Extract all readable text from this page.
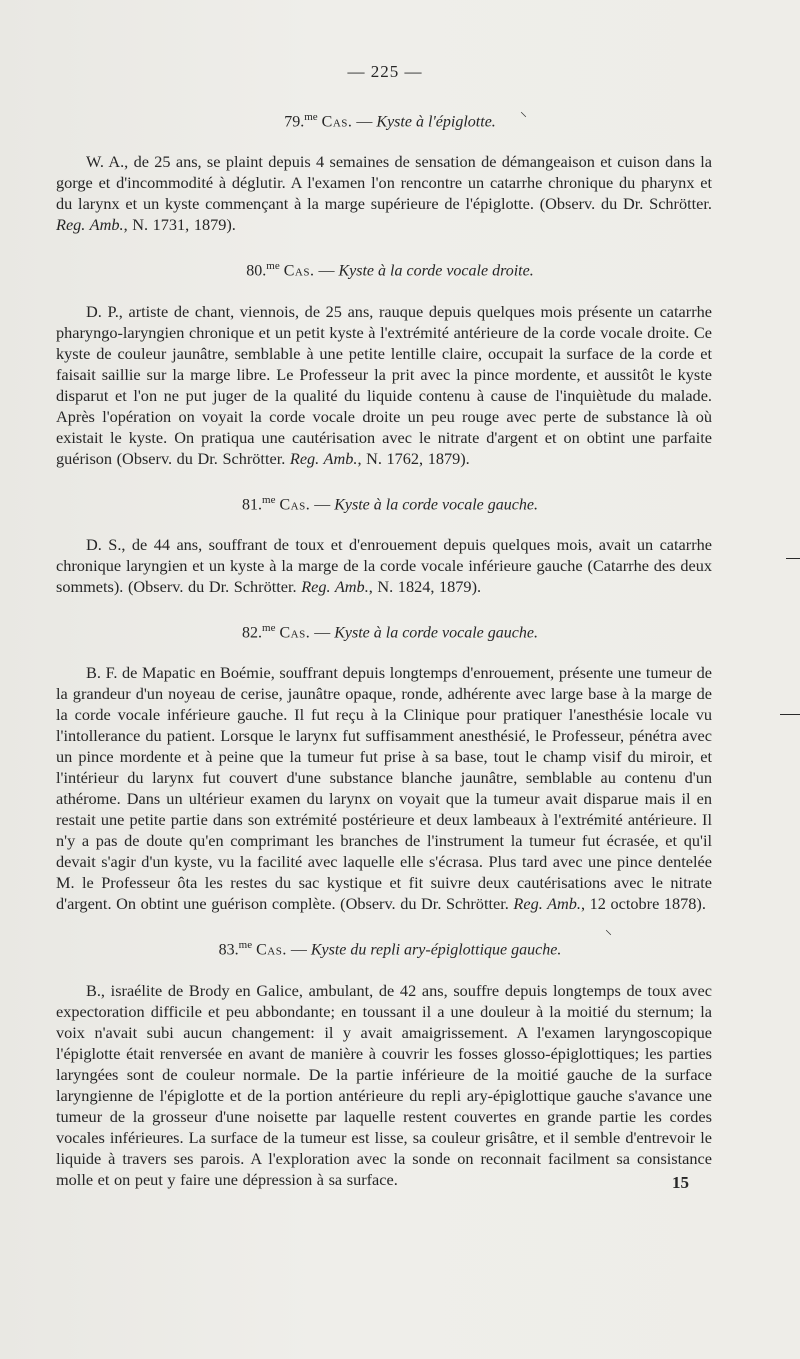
— 225 —

79.$^{me}$ Cas. — Kyste à l'épiglotte.

W. A., de 25 ans, se plaint depuis 4 semaines de sensation de démangeaison et cuison dans la gorge et d'incommodité à déglutir. A l'examen l'on rencontre un catarrhe chronique du pharynx et du larynx et un kyste commençant à la marge supérieure de l'épiglotte. (Observ. du Dr. Schrötter. Reg. Amb., N. 1731, 1879).

80.$^{me}$ Cas. — Kyste à la corde vocale droite.

D. P., artiste de chant, viennois, de 25 ans, rauque depuis quelques mois présente un catarrhe pharyngo-laryngien chronique et un petit kyste à l'extrémité antérieure de la corde vocale droite. Ce kyste de couleur jaunâtre, semblable à une petite lentille claire, occupait la surface de la corde et faisait saillie sur la marge libre. Le Professeur la prit avec la pince mordente, et aussitôt le kyste disparut et l'on ne put juger de la qualité du liquide contenu à cause de l'inquiètude du malade. Après l'opération on voyait la corde vocale droite un peu rouge avec perte de substance là où existait le kyste. On pratiqua une cautérisation avec le nitrate d'argent et on obtint une parfaite guérison (Observ. du Dr. Schrötter. Reg. Amb., N. 1762, 1879).

81.$^{me}$ Cas. — Kyste à la corde vocale gauche.

D. S., de 44 ans, souffrant de toux et d'enrouement depuis quelques mois, avait un catarrhe chronique laryngien et un kyste à la marge de la corde vocale inférieure gauche (Catarrhe des deux sommets). (Observ. du Dr. Schrötter. Reg. Amb., N. 1824, 1879).

82.$^{me}$ Cas. — Kyste à la corde vocale gauche.

B. F. de Mapatic en Boémie, souffrant depuis longtemps d'enrouement, présente une tumeur de la grandeur d'un noyeau de cerise, jaunâtre opaque, ronde, adhérente avec large base à la marge de la corde vocale inférieure gauche. Il fut reçu à la Clinique pour pratiquer l'anesthésie locale vu l'intollerance du patient. Lorsque le larynx fut suffisamment anesthésié, le Professeur, pénétra avec un pince mordente et à peine que la tumeur fut prise à sa base, tout le champ visif du miroir, et l'intérieur du larynx fut couvert d'une substance blanche jaunâtre, semblable au contenu d'un athérome. Dans un ultérieur examen du larynx on voyait que la tumeur avait disparue mais il en restait une petite partie dans son extrémité postérieure et deux lambeaux à l'extrémité antérieure. Il n'y a pas de doute qu'en comprimant les branches de l'instrument la tumeur fut écrasée, et qu'il devait s'agir d'un kyste, vu la facilité avec laquelle elle s'écrasa. Plus tard avec une pince dentelée M. le Professeur ôta les restes du sac kystique et fit suivre deux cautérisations avec le nitrate d'argent. On obtint une guérison complète. (Observ. du Dr. Schrötter. Reg. Amb., 12 octobre 1878).

83.$^{me}$ Cas. — Kyste du repli ary-épiglottique gauche.

B., israélite de Brody en Galice, ambulant, de 42 ans, souffre depuis longtemps de toux avec expectoration difficile et peu abbondante; en toussant il a une douleur à la moitié du sternum; la voix n'avait subi aucun changement: il y avait amaigrissement. A l'examen laryngoscopique l'épiglotte était renversée en avant de manière à couvrir les fosses glosso-épiglottiques; les parties laryngées sont de couleur normale. De la partie inférieure de la moitié gauche de la surface laryngienne de l'épiglotte et de la portion antérieure du repli ary-épiglottique gauche s'avance une tumeur de la grosseur d'une noisette par laquelle restent couvertes en grande partie les cordes vocales inférieures. La surface de la tumeur est lisse, sa couleur grisâtre, et il semble d'entrevoir le liquide à travers ses parois. A l'exploration avec la sonde on reconnait facilment sa consistance molle et on peut y faire une dépression à sa surface.	15
⸜
⸜
